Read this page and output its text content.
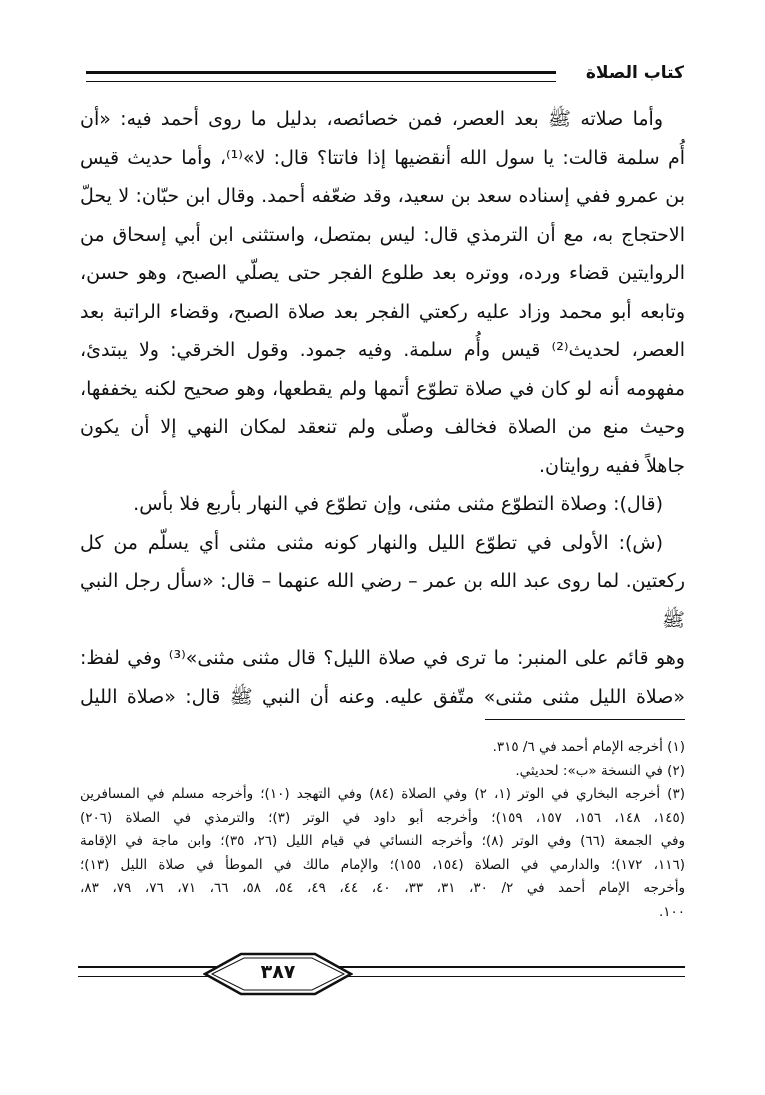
كتاب الصلاة

وأما صلاته ﷺ بعد العصر، فمن خصائصه، بدليل ما روى أحمد فيه: «أن

أُم سلمة قالت: يا سول الله أنقضيها إذا فاتتا؟ قال: لا»⁽¹⁾، وأما حديث قيس

بن عمرو ففي إسناده سعد بن سعيد، وقد ضعّفه أحمد. وقال ابن حبّان: لا يحلّ

الاحتجاج به، مع أن الترمذي قال: ليس بمتصل، واستثنى ابن أبي إسحاق من

الروايتين قضاء ورده، ووتره بعد طلوع الفجر حتى يصلّي الصبح، وهو حسن،

وتابعه أبو محمد وزاد عليه ركعتي الفجر بعد صلاة الصبح، وقضاء الراتبة بعد

العصر، لحديث⁽²⁾ قيس وأُم سلمة. وفيه جمود. وقول الخرقي: ولا يبتدئ،

مفهومه أنه لو كان في صلاة تطوّع أتمها ولم يقطعها، وهو صحيح لكنه يخففها،

وحيث منع من الصلاة فخالف وصلّى ولم تنعقد لمكان النهي إلا أن يكون

جاهلاً ففيه روايتان.

(قال): وصلاة التطوّع مثنى مثنى، وإن تطوّع في النهار بأربع فلا بأس.

(ش): الأولى في تطوّع الليل والنهار كونه مثنى مثنى أي يسلّم من كل

ركعتين. لما روى عبد الله بن عمر – رضي الله عنهما – قال: «سأل رجل النبي ﷺ

وهو قائم على المنبر: ما ترى في صلاة الليل؟ قال مثنى مثنى»⁽³⁾ وفي لفظ:

«صلاة الليل مثنى مثنى» متّفق عليه. وعنه أن النبي ﷺ قال: «صلاة الليل

(١) أخرجه الإمام أحمد في ٦/ ٣١٥.
(٢) في النسخة «ب»: لحديثي.
(٣) أخرجه البخاري في الوتر (١، ٢) وفي الصلاة (٨٤) وفي التهجد (١٠)؛ وأخرجه مسلم في المسافرين
(١٤٥، ١٤٨، ١٥٦، ١٥٧، ١٥٩)؛ وأخرجه أبو داود في الوتر (٣)؛ والترمذي في الصلاة (٢٠٦)
وفي الجمعة (٦٦) وفي الوتر (٨)؛ وأخرجه النسائي في قيام الليل (٢٦، ٣٥)؛ وابن ماجة في الإقامة
(١١٦، ١٧٢)؛ والدارمي في الصلاة (١٥٤، ١٥٥)؛ والإمام مالك في الموطأ في صلاة الليل (١٣)؛
وأخرجه الإمام أحمد في ٢/ ٣٠، ٣١، ٣٣، ٤٠، ٤٤، ٤٩، ٥٤، ٥٨، ٦٦، ٧١، ٧٦، ٧٩، ٨٣،
١٠٠.
٣٨٧
